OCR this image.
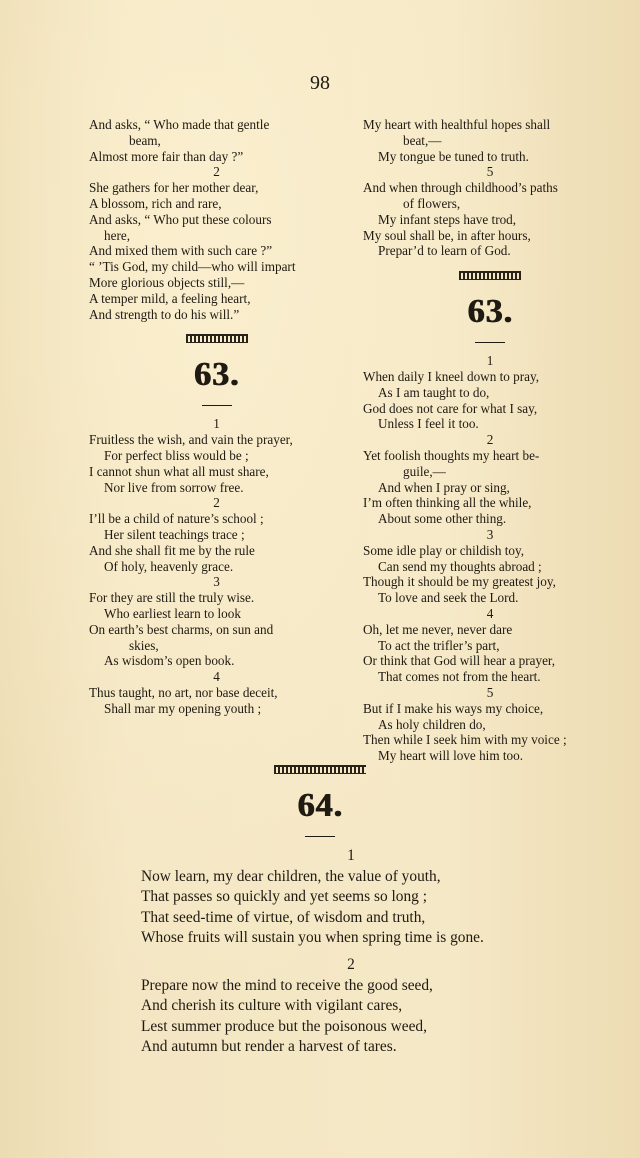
98
And asks, “ Who made that gentle
beam,
Almost more fair than day ?”
2
She gathers for her mother dear,
A blossom, rich and rare,
And asks, “ Who put these colours
here,
And mixed them with such care ?”
“ ’Tis God, my child—who will impart
More glorious objects still,—
A temper mild, a feeling heart,
And strength to do his will.”
63.
1
Fruitless the wish, and vain the prayer,
For perfect bliss would be ;
I cannot shun what all must share,
Nor live from sorrow free.
2
I’ll be a child of nature’s school ;
Her silent teachings trace ;
And she shall fit me by the rule
Of holy, heavenly grace.
3
For they are still the truly wise.
Who earliest learn to look
On earth’s best charms, on sun and
skies,
As wisdom’s open book.
4
Thus taught, no art, nor base deceit,
Shall mar my opening youth ;
My heart with healthful hopes shall
beat,—
My tongue be tuned to truth.
5
And when through childhood’s paths
of flowers,
My infant steps have trod,
My soul shall be, in after hours,
Prepar’d to learn of God.
63.
1
When daily I kneel down to pray,
As I am taught to do,
God does not care for what I say,
Unless I feel it too.
2
Yet foolish thoughts my heart be-
guile,—
And when I pray or sing,
I’m often thinking all the while,
About some other thing.
3
Some idle play or childish toy,
Can send my thoughts abroad ;
Though it should be my greatest joy,
To love and seek the Lord.
4
Oh, let me never, never dare
To act the trifler’s part,
Or think that God will hear a prayer,
That comes not from the heart.
5
But if I make his ways my choice,
As holy children do,
Then while I seek him with my voice ;
My heart will love him too.
64.
1
Now learn, my dear children, the value of youth,
That passes so quickly and yet seems so long ;
That seed-time of virtue, of wisdom and truth,
Whose fruits will sustain you when spring time is gone.
2
Prepare now the mind to receive the good seed,
And cherish its culture with vigilant cares,
Lest summer produce but the poisonous weed,
And autumn but render a harvest of tares.
